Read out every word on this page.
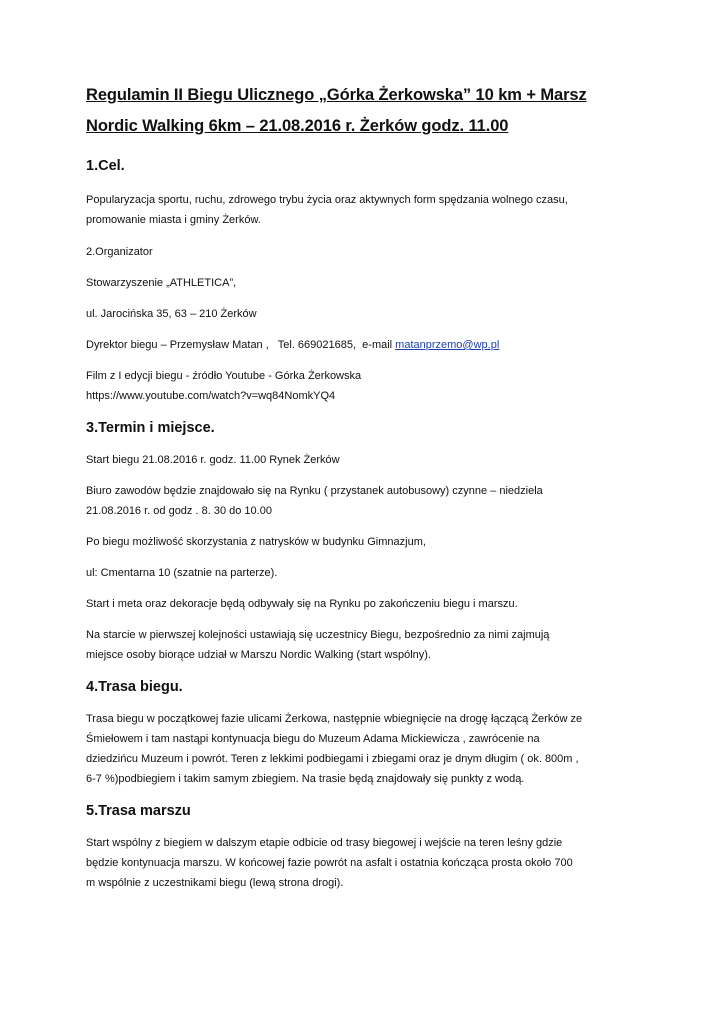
Regulamin II Biegu Ulicznego „Górka Żerkowska” 10 km + Marsz
Nordic Walking 6km – 21.08.2016 r. Żerków godz. 11.00
1.Cel.

Popularyzacja sportu, ruchu, zdrowego trybu życia oraz aktywnych form spędzania wolnego czasu,
promowanie miasta i gminy Żerków.

2.Organizator

Stowarzyszenie „ATHLETICA”,

ul. Jarocińska 35, 63 – 210 Żerków

Dyrektor biegu – Przemysław Matan ,   Tel. 669021685,  e-mail matanprzemo@wp.pl

Film z I edycji biegu - źródło Youtube - Górka Żerkowska
https://www.youtube.com/watch?v=wq84NomkYQ4

3.Termin i miejsce.

Start biegu 21.08.2016 r. godz. 11.00 Rynek Żerków

Biuro zawodów będzie znajdowało się na Rynku ( przystanek autobusowy) czynne – niedziela
21.08.2016 r. od godz . 8. 30 do 10.00

Po biegu możliwość skorzystania z natrysków w budynku Gimnazjum,

ul: Cmentarna 10 (szatnie na parterze).

Start i meta oraz dekoracje będą odbywały się na Rynku po zakończeniu biegu i marszu.

Na starcie w pierwszej kolejności ustawiają się uczestnicy Biegu, bezpośrednio za nimi zajmują
miejsce osoby biorące udział w Marszu Nordic Walking (start wspólny).

4.Trasa biegu.

Trasa biegu w początkowej fazie ulicami Żerkowa, następnie wbiegnięcie na drogę łączącą Żerków ze
Śmiełowem i tam nastąpi kontynuacja biegu do Muzeum Adama Mickiewicza , zawrócenie na
dziedzińcu Muzeum i powrót. Teren z lekkimi podbiegami i zbiegami oraz je dnym długim ( ok. 800m ,
6-7 %)podbiegiem i takim samym zbiegiem. Na trasie będą znajdowały się punkty z wodą.

5.Trasa marszu

Start wspólny z biegiem w dalszym etapie odbicie od trasy biegowej i wejście na teren leśny gdzie
będzie kontynuacja marszu. W końcowej fazie powrót na asfalt i ostatnia kończąca prosta około 700
m wspólnie z uczestnikami biegu (lewą strona drogi).
